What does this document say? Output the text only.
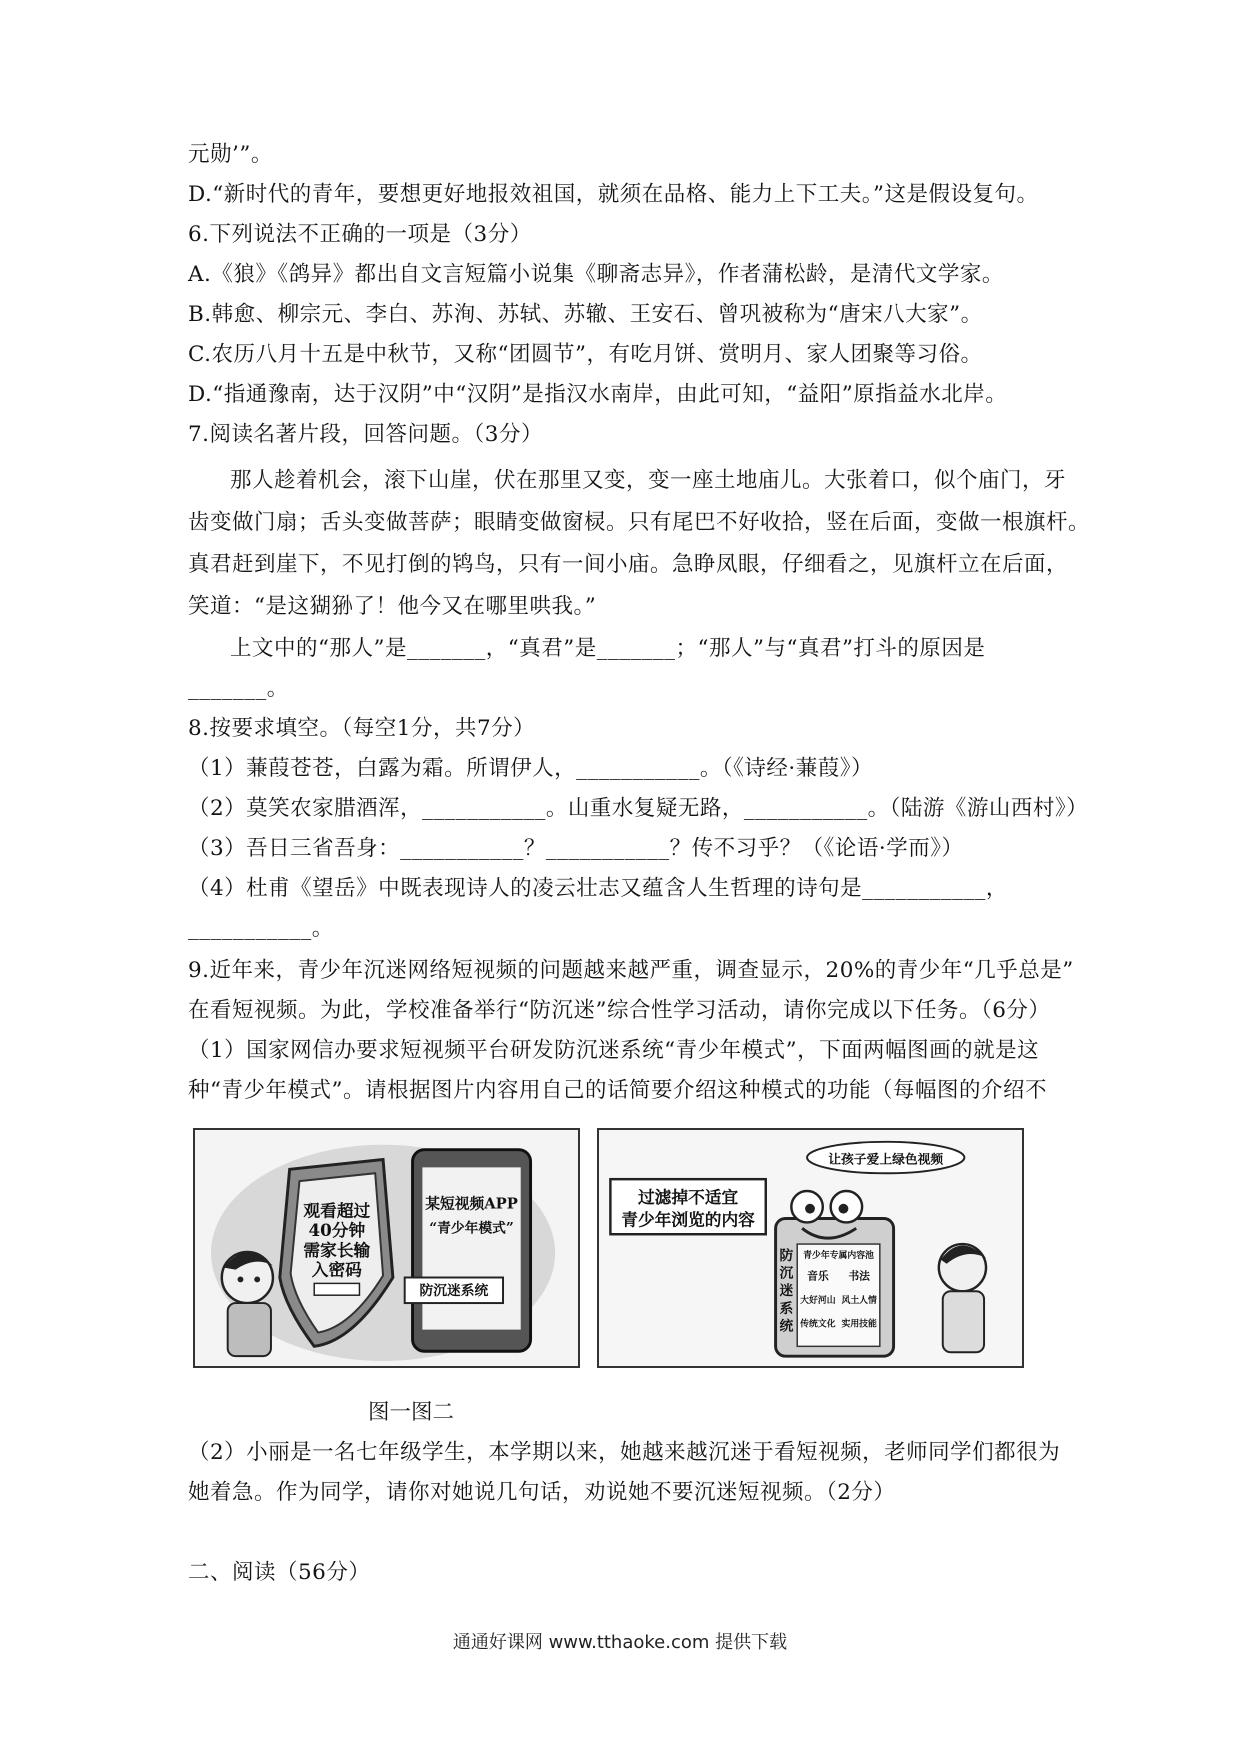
元勋’”。
D.“新时代的青年，要想更好地报效祖国，就须在品格、能力上下工夫。”这是假设复句。
6.下列说法不正确的一项是（3分）
A.《狼》《鸽异》都出自文言短篇小说集《聊斋志异》，作者蒲松龄，是清代文学家。
B.韩愈、柳宗元、李白、苏洵、苏轼、苏辙、王安石、曾巩被称为“唐宋八大家”。
C.农历八月十五是中秋节，又称“团圆节”，有吃月饼、赏明月、家人团聚等习俗。
D.“指通豫南，达于汉阴”中“汉阴”是指汉水南岸，由此可知，“益阳”原指益水北岸。
7.阅读名著片段，回答问题。（3分）
那人趁着机会，滚下山崖，伏在那里又变，变一座土地庙儿。大张着口，似个庙门，牙
齿变做门扇；舌头变做菩萨；眼睛变做窗棂。只有尾巴不好收拾，竖在后面，变做一根旗杆。
真君赶到崖下，不见打倒的鸨鸟，只有一间小庙。急睁凤眼，仔细看之，见旗杆立在后面，
笑道：“是这猢狲了！他今又在哪里哄我。”
上文中的“那人”是_______，“真君”是_______；“那人”与“真君”打斗的原因是
_______。
8.按要求填空。（每空1分，共7分）
（1）蒹葭苍苍，白露为霜。所谓伊人，___________。（《诗经·蒹葭》）
（2）莫笑农家腊酒浑，___________。山重水复疑无路，___________。（陆游《游山西村》）
（3）吾日三省吾身：___________？___________？传不习乎？（《论语·学而》）
（4）杜甫《望岳》中既表现诗人的凌云壮志又蕴含人生哲理的诗句是___________，
___________。
9.近年来，青少年沉迷网络短视频的问题越来越严重，调查显示，20%的青少年“几乎总是”
在看短视频。为此，学校准备举行“防沉迷”综合性学习活动，请你完成以下任务。（6分）
（1）国家网信办要求短视频平台研发防沉迷系统“青少年模式”，下面两幅图画的就是这
种“青少年模式”。请根据图片内容用自己的话简要介绍这种模式的功能（每幅图的介绍不
观看超过
40分钟
需家长输
入密码
某短视频APP
“青少年模式”
防沉迷系统
让孩子爱上绿色视频
过滤掉不适宜
青少年浏览的内容
青少年专属内容池
音乐 书法
大好河山 风土人情
传统文化 实用技能
防
沉
迷
系
统
图一图二
（2）小丽是一名七年级学生，本学期以来，她越来越沉迷于看短视频，老师同学们都很为
她着急。作为同学，请你对她说几句话，劝说她不要沉迷短视频。（2分）
二、阅读（56分）
通通好课网 www.tthaoke.com 提供下载
